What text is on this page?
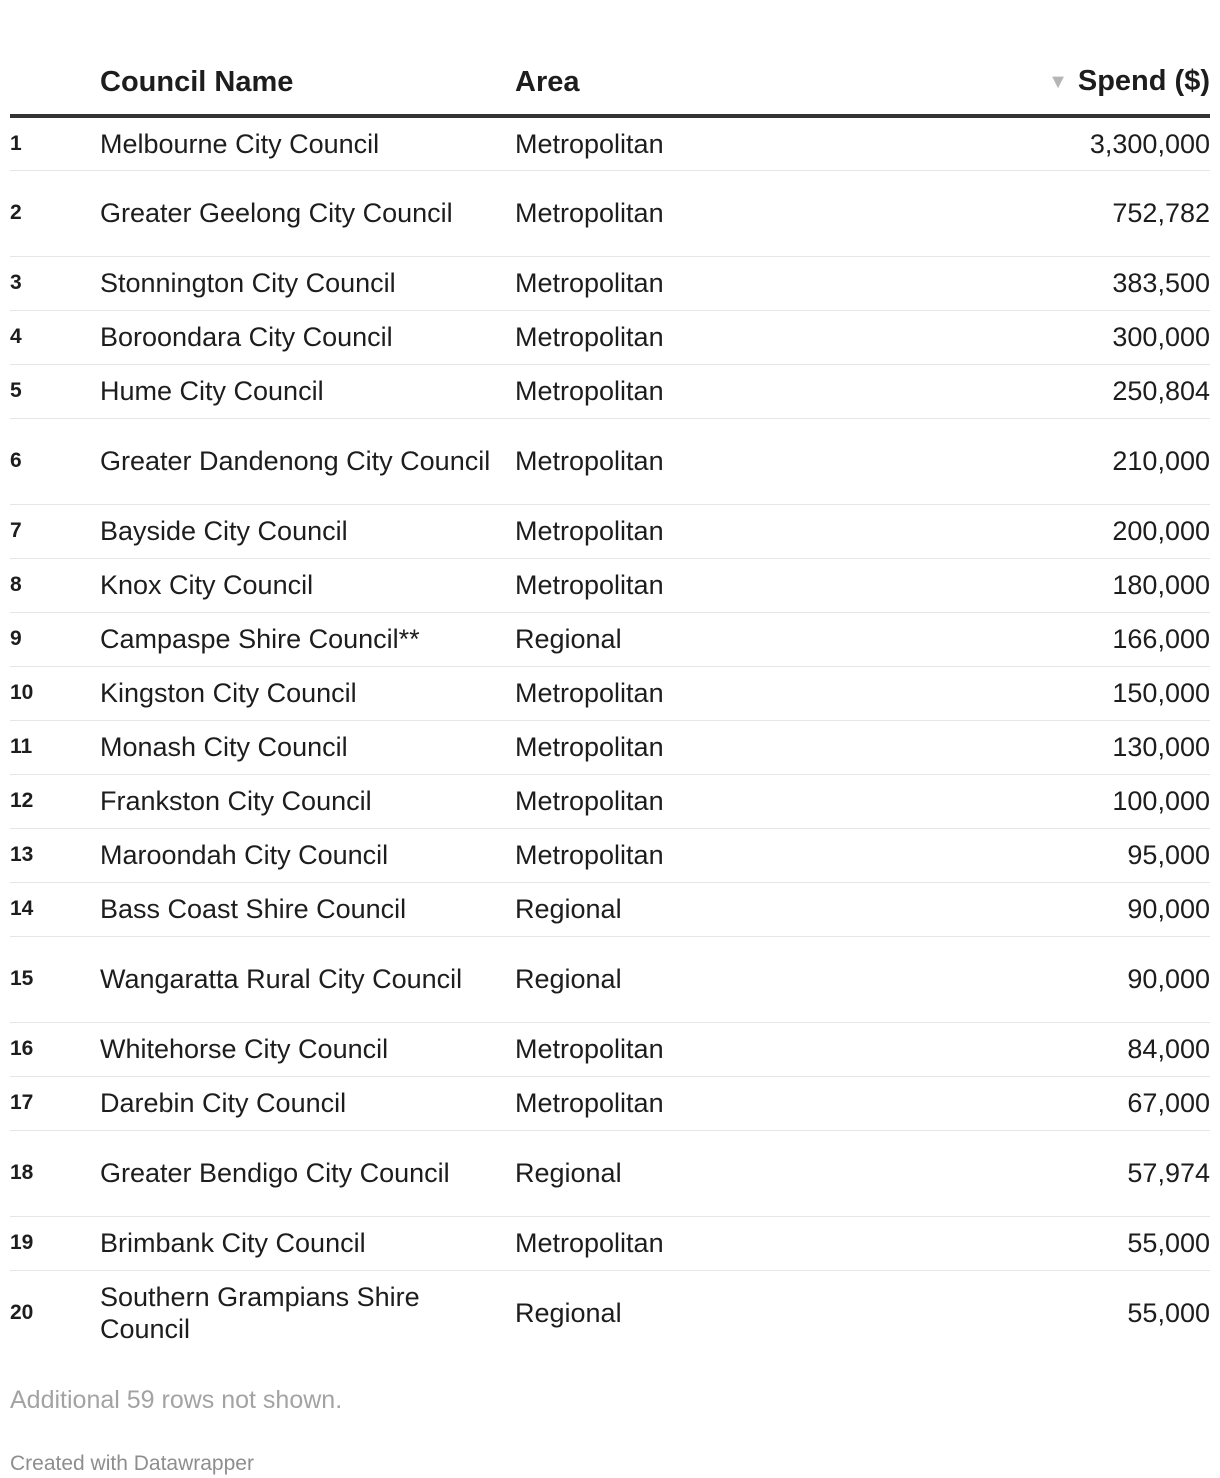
	Council Name	Area	▼ Spend ($)
1	Melbourne City Council	Metropolitan	3,300,000
2	Greater Geelong City Council	Metropolitan	752,782
3	Stonnington City Council	Metropolitan	383,500
4	Boroondara City Council	Metropolitan	300,000
5	Hume City Council	Metropolitan	250,804
6	Greater Dandenong City Council	Metropolitan	210,000
7	Bayside City Council	Metropolitan	200,000
8	Knox City Council	Metropolitan	180,000
9	Campaspe Shire Council**	Regional	166,000
10	Kingston City Council	Metropolitan	150,000
11	Monash City Council	Metropolitan	130,000
12	Frankston City Council	Metropolitan	100,000
13	Maroondah City Council	Metropolitan	95,000
14	Bass Coast Shire Council	Regional	90,000
15	Wangaratta Rural City Council	Regional	90,000
16	Whitehorse City Council	Metropolitan	84,000
17	Darebin City Council	Metropolitan	67,000
18	Greater Bendigo City Council	Regional	57,974
19	Brimbank City Council	Metropolitan	55,000
20	Southern Grampians Shire Council	Regional	55,000
Additional 59 rows not shown.
Created with Datawrapper
